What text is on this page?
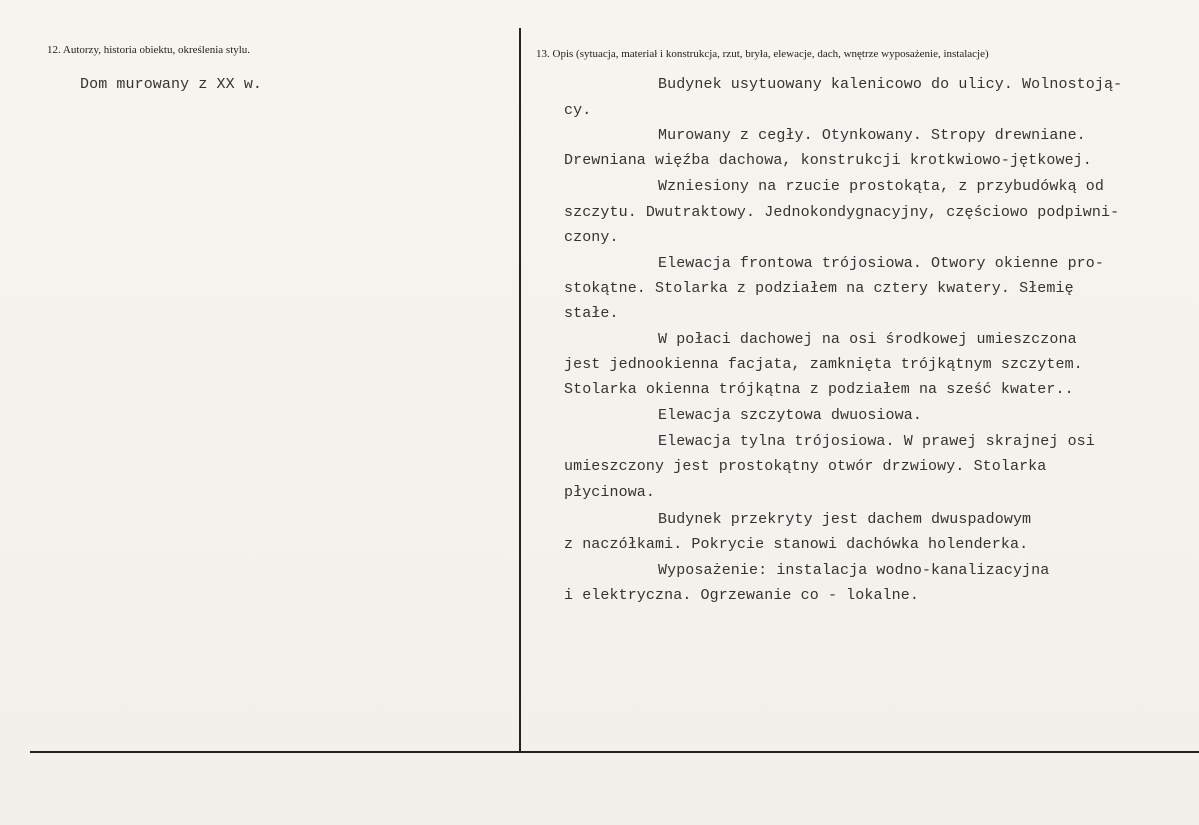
12. Autorzy, historia obiektu, określenia stylu.
Dom murowany z XX w.
13. Opis (sytuacja, materiał i konstrukcja, rzut, bryła, elewacje, dach, wnętrze wyposażenie, instalacje)
Budynek usytuowany kalenicowo do ulicy. Wolnostoją-
cy.
Murowany z cegły. Otynkowany. Stropy drewniane.
Drewniana więźba dachowa, konstrukcji krotkwiowo-jętkowej.
Wzniesiony na rzucie prostokąta, z przybudówką od
szczytu. Dwutraktowy. Jednokondygnacyjny, częściowo podpiwni-
czony.
Elewacja frontowa trójosiowa. Otwory okienne pro-
stokątne. Stolarka z podziałem na cztery kwatery. Słemię
stałe.
W połaci dachowej na osi środkowej umieszczona
jest jednookienna facjata, zamknięta trójkątnym szczytem.
Stolarka okienna trójkątna z podziałem na sześć kwater..
Elewacja szczytowa dwuosiowa.
Elewacja tylna trójosiowa. W prawej skrajnej osi
umieszczony jest prostokątny otwór drzwiowy. Stolarka
płycinowa.
Budynek przekryty jest dachem dwuspadowym
z naczółkami. Pokrycie stanowi dachówka holenderka.
Wyposażenie: instalacja wodno-kanalizacyjna
i elektryczna. Ogrzewanie co - lokalne.
